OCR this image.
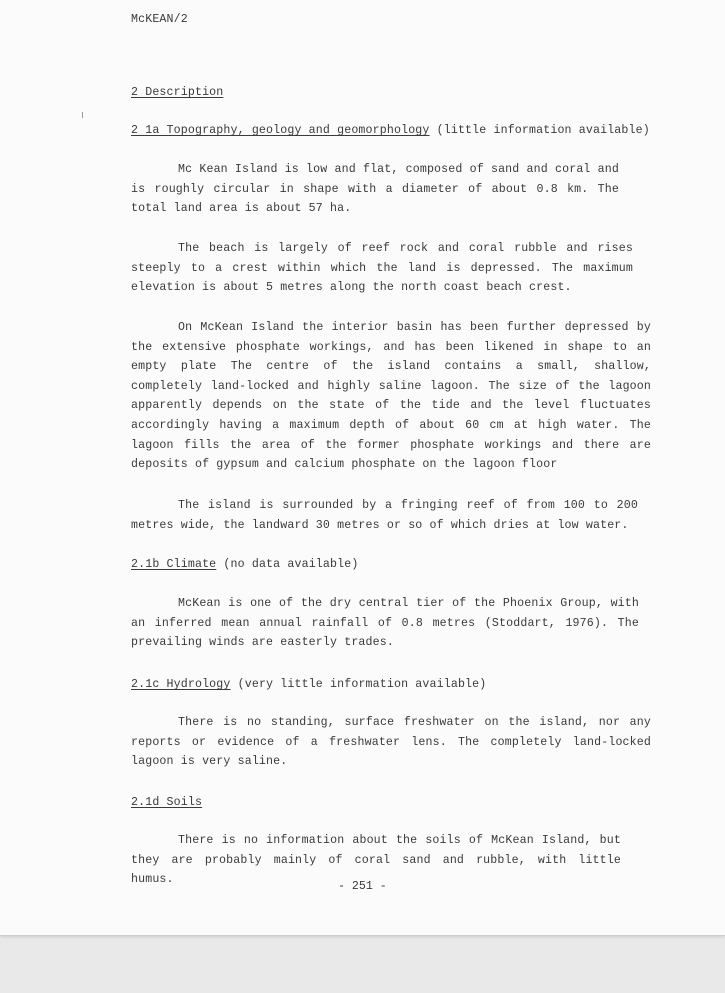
McKEAN/2
2 Description
2 1a Topography, geology and geomorphology (little information available)

Mc Kean Island is low and flat, composed of sand and coral and is roughly circular in shape with a diameter of about 0.8 km. The total land area is about 57 ha.

The beach is largely of reef rock and coral rubble and rises steeply to a crest within which the land is depressed. The maximum elevation is about 5 metres along the north coast beach crest.

On McKean Island the interior basin has been further depressed by the extensive phosphate workings, and has been likened in shape to an empty plate The centre of the island contains a small, shallow, completely land-locked and highly saline lagoon. The size of the lagoon apparently depends on the state of the tide and the level fluctuates accordingly having a maximum depth of about 60 cm at high water. The lagoon fills the area of the former phosphate workings and there are deposits of gypsum and calcium phosphate on the lagoon floor

The island is surrounded by a fringing reef of from 100 to 200 metres wide, the landward 30 metres or so of which dries at low water.

2.1b Climate (no data available)

McKean is one of the dry central tier of the Phoenix Group, with an inferred mean annual rainfall of 0.8 metres (Stoddart, 1976). The prevailing winds are easterly trades.

2.1c Hydrology (very little information available)

There is no standing, surface freshwater on the island, nor any reports or evidence of a freshwater lens. The completely land-locked lagoon is very saline.

2.1d Soils

There is no information about the soils of McKean Island, but they are probably mainly of coral sand and rubble, with little humus.

- 251 -
